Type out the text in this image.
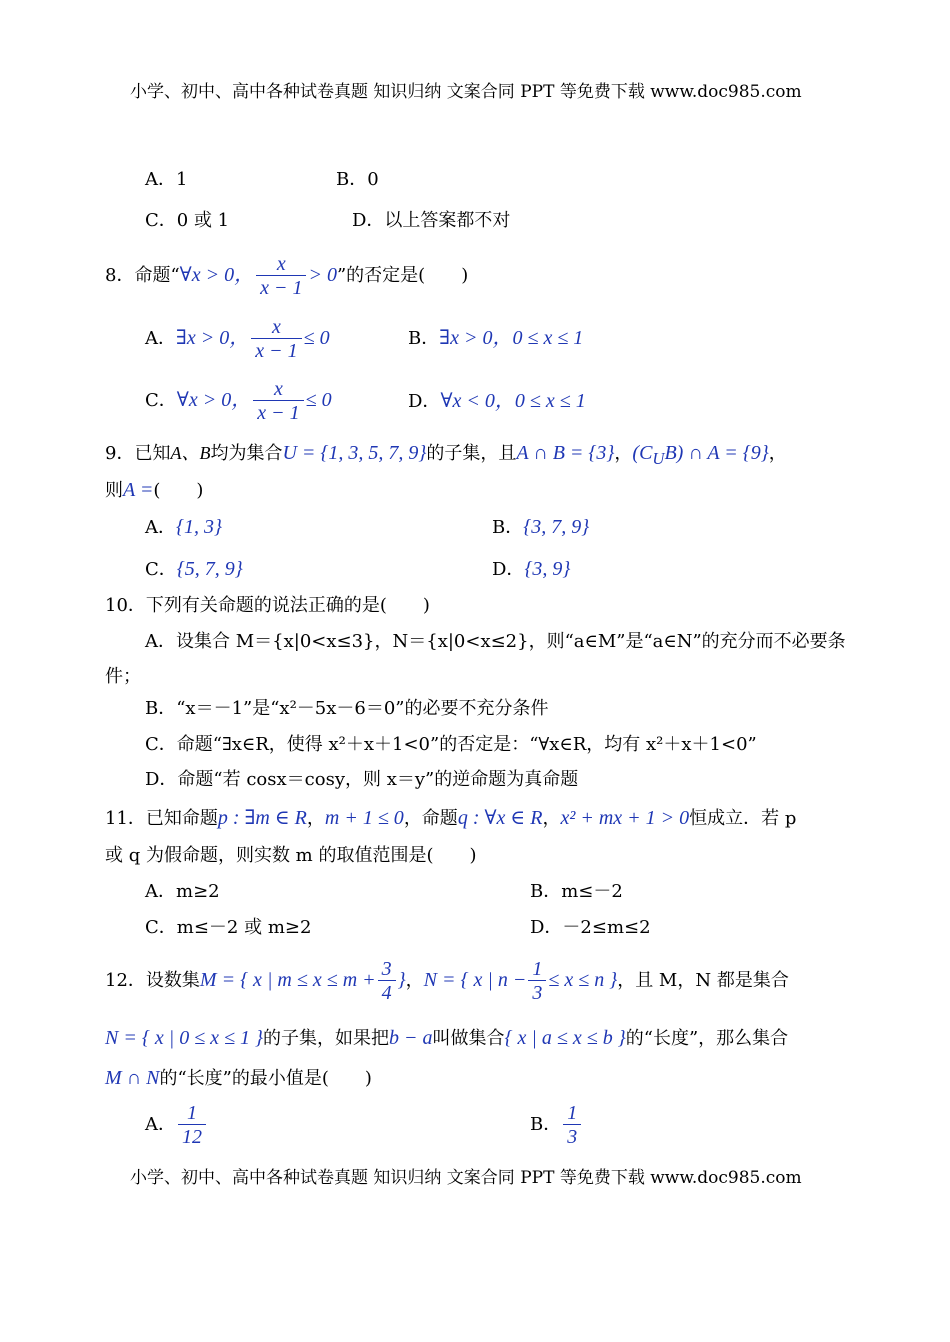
小学、初中、高中各种试卷真题 知识归纳 文案合同 PPT 等免费下载 www.doc985.com
A．1	B．0
C．0 或 1	D．以上答案都不对
8．命题“∀x > 0， $\frac{x}{x - 1} > 0$”的否定是(　　)
A．∃x > 0， $\frac{x}{x - 1} \le 0$	B．∃x > 0，0 ≤ x ≤ 1
C．∀x > 0， $\frac{x}{x - 1} \le 0$	D．∀x < 0，0 ≤ x ≤ 1
9．已知A、B均为集合U = {1, 3, 5, 7, 9}的子集，且A ∩ B = {3}，$(C_UB)$ ∩ A = {9}，
则A =(　　)
A．{1, 3}	B．{3, 7, 9}
C．{5, 7, 9}	D．{3, 9}
10．下列有关命题的说法正确的是(　　)
A．设集合 M＝{x|0<x≤3}，N＝{x|0<x≤2}，则“a∈M”是“a∈N”的充分而不必要条
件；
B．“x＝－1”是“x²－5x－6＝0”的必要不充分条件
C．命题“∃x∈R，使得 x²＋x＋1<0”的否定是：“∀x∈R，均有 x²＋x＋1<0”
D．命题“若 cosx＝cosy，则 x＝y”的逆命题为真命题
11．已知命题p : ∃m ∈ R，m + 1 ≤ 0，命题q : ∀x ∈ R，x² + mx + 1 > 0恒成立．若 p
或 q 为假命题，则实数 m 的取值范围是(　　)
A．m≥2	B．m≤－2
C．m≤－2 或 m≥2	D．－2≤m≤2
12．设数集M = { x | $m \le x \le m + \frac{3}{4}$ }，N = { x | $n - \frac{1}{3} \le x \le n$ }，且 M，N 都是集合
N = { x | 0 ≤ x ≤ 1 }的子集，如果把b − a叫做集合{ x | a ≤ x ≤ b }的“长度”，那么集合
M ∩ N的“长度”的最小值是(　　)
A． $\frac{1}{12}$	B． $\frac{1}{3}$
小学、初中、高中各种试卷真题 知识归纳 文案合同 PPT 等免费下载 www.doc985.com
